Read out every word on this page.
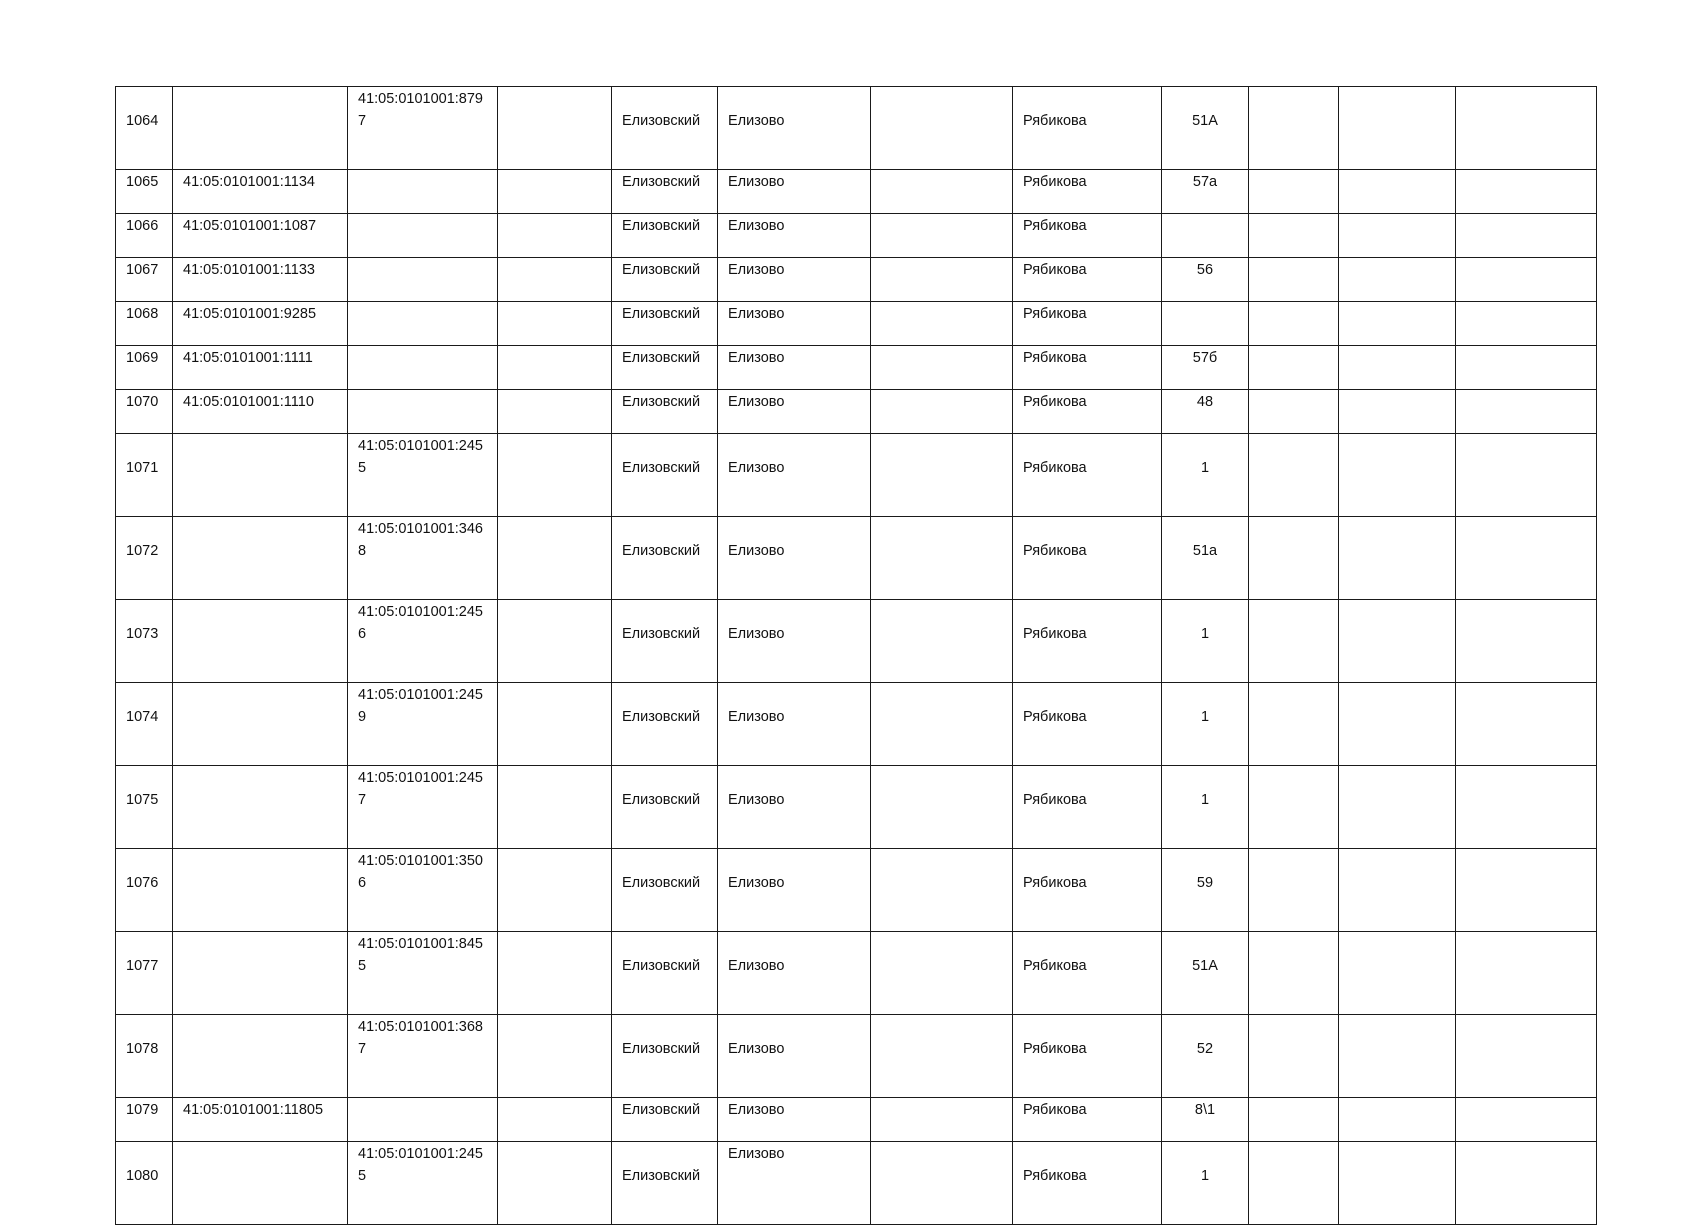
1064		41:05:0101001:8797		Елизовский	Елизово		Рябикова	51А			
1065	41:05:0101001:1134			Елизовский	Елизово		Рябикова	57а			
1066	41:05:0101001:1087			Елизовский	Елизово		Рябикова				
1067	41:05:0101001:1133			Елизовский	Елизово		Рябикова	56			
1068	41:05:0101001:9285			Елизовский	Елизово		Рябикова				
1069	41:05:0101001:1111			Елизовский	Елизово		Рябикова	57б			
1070	41:05:0101001:1110			Елизовский	Елизово		Рябикова	48			
1071		41:05:0101001:2455		Елизовский	Елизово		Рябикова	1			
1072		41:05:0101001:3468		Елизовский	Елизово		Рябикова	51а			
1073		41:05:0101001:2456		Елизовский	Елизово		Рябикова	1			
1074		41:05:0101001:2459		Елизовский	Елизово		Рябикова	1			
1075		41:05:0101001:2457		Елизовский	Елизово		Рябикова	1			
1076		41:05:0101001:3506		Елизовский	Елизово		Рябикова	59			
1077		41:05:0101001:8455		Елизовский	Елизово		Рябикова	51А			
1078		41:05:0101001:3687		Елизовский	Елизово		Рябикова	52			
1079	41:05:0101001:11805			Елизовский	Елизово		Рябикова	8\1			
1080		41:05:0101001:2455		Елизовский	Елизово		Рябикова	1			
